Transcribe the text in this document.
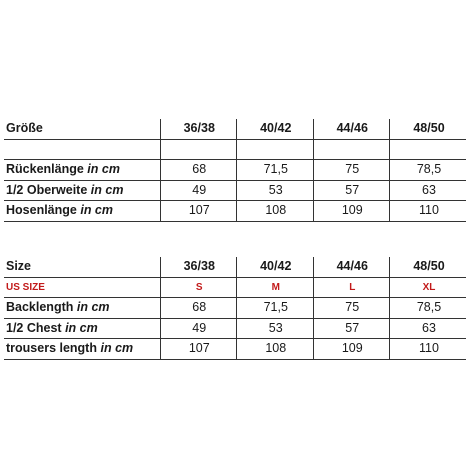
Größe	36/38	40/42	44/46	48/50

Rückenlänge in cm	68	71,5	75	78,5
1/2 Oberweite in cm	49	53	57	63
Hosenlänge in cm	107	108	109	110
Size	36/38	40/42	44/46	48/50
US SIZE	S	M	L	XL
Backlength in cm	68	71,5	75	78,5
1/2 Chest in cm	49	53	57	63
trousers length in cm	107	108	109	110
